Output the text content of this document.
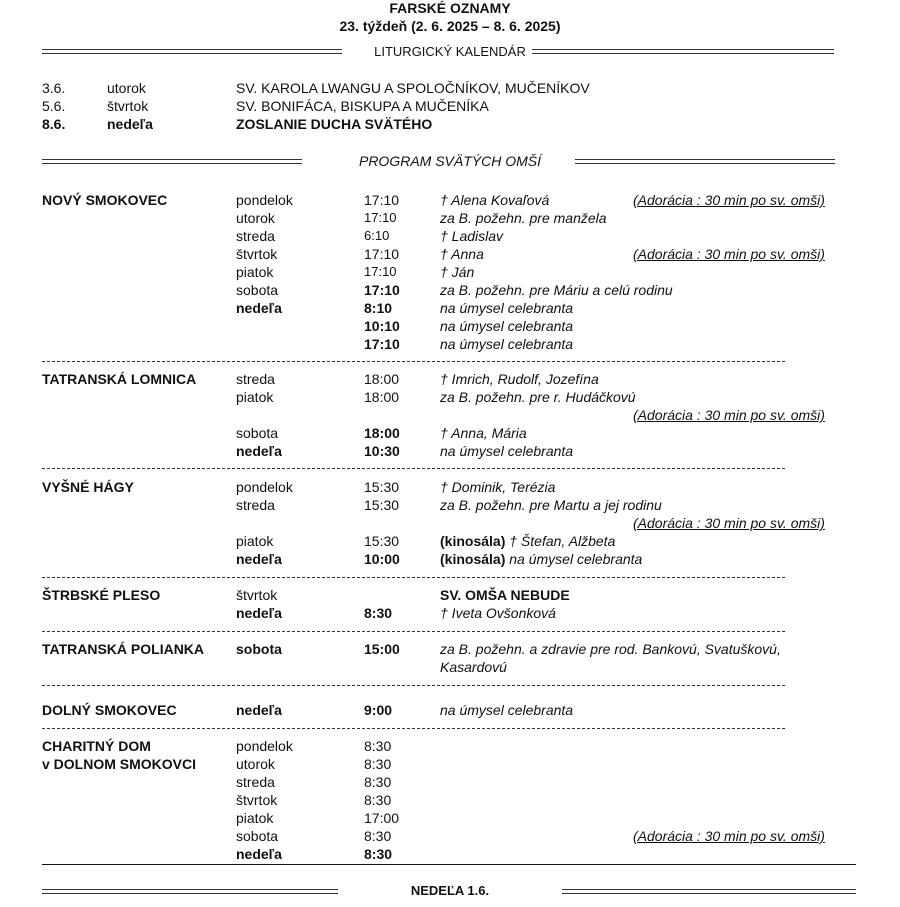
FARSKÉ OZNAMY
23. týždeň (2. 6. 2025 – 8. 6. 2025)
LITURGICKÝ KALENDÁR
3.6.	utorok	SV. KAROLA LWANGU A SPOLOČNÍKOV, MUČENÍKOV
5.6.	štvrtok	SV. BONIFÁCA, BISKUPA A MUČENÍKA
8.6.	nedeľa	ZOSLANIE DUCHA SVÄTÉHO
PROGRAM SVÄTÝCH OMŠÍ
NOVÝ SMOKOVEC	pondelok	17:10	† Alena Kovaľová	(Adorácia : 30 min po sv. omši)
utorok	17:10	za B. požehn. pre manžela
streda	6:10	† Ladislav
štvrtok	17:10	† Anna	(Adorácia : 30 min po sv. omši)
piatok	17:10	† Ján
sobota	17:10	za B. požehn. pre Máriu a celú rodinu
nedeľa	8:10	na úmysel celebranta
10:10	na úmysel celebranta
17:10	na úmysel celebranta
TATRANSKÁ LOMNICA	streda	18:00	† Imrich, Rudolf, Jozefína
piatok	18:00	za B. požehn. pre r. Hudáčkovú
(Adorácia : 30 min po sv. omši)
sobota	18:00	† Anna, Mária
nedeľa	10:30	na úmysel celebranta
VYŠNÉ HÁGY	pondelok	15:30	† Dominik, Terézia
streda	15:30	za B. požehn. pre Martu a jej rodinu
(Adorácia : 30 min po sv. omši)
piatok	15:30	(kinosála) † Štefan, Alžbeta
nedeľa	10:00	(kinosála) na úmysel celebranta
ŠTRBSKÉ PLESO	štvrtok	SV. OMŠA NEBUDE
nedeľa	8:30	† Iveta Ovšonková
TATRANSKÁ POLIANKA sobota	15:00	za B. požehn. a zdravie pre rod. Bankovú, Svatuškovú,
Kasardovú
DOLNÝ SMOKOVEC	nedeľa	9:00	na úmysel celebranta
CHARITNÝ DOM
v DOLNOM SMOKOVCI
pondelok	8:30
utorok	8:30
streda	8:30
štvrtok	8:30
piatok	17:00
sobota	8:30	(Adorácia : 30 min po sv. omši)
nedeľa	8:30
NEDEĽA 1.6.
